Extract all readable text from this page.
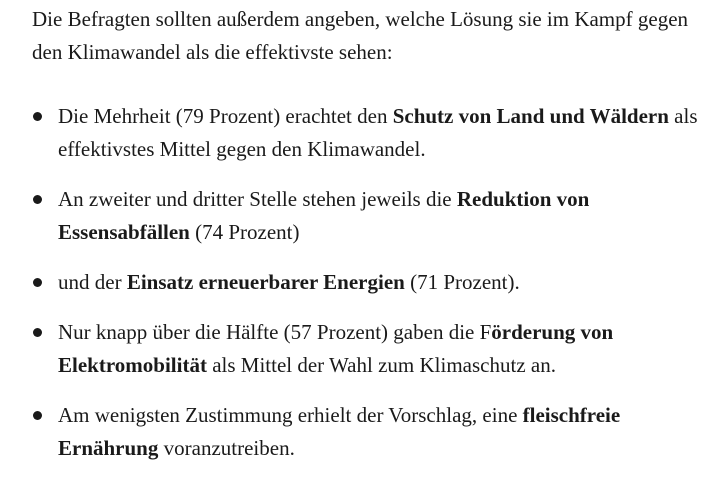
Die Befragten sollten außerdem angeben, welche Lösung sie im Kampf gegen den Klimawandel als die effektivste sehen:

Die Mehrheit (79 Prozent) erachtet den Schutz von Land und Wäldern als effektivstes Mittel gegen den Klimawandel.
An zweiter und dritter Stelle stehen jeweils die Reduktion von Essensabfällen (74 Prozent)
und der Einsatz erneuerbarer Energien (71 Prozent).
Nur knapp über die Hälfte (57 Prozent) gaben die Förderung von Elektromobilität als Mittel der Wahl zum Klimaschutz an.
Am wenigsten Zustimmung erhielt der Vorschlag, eine fleischfreie Ernährung voranzutreiben.
